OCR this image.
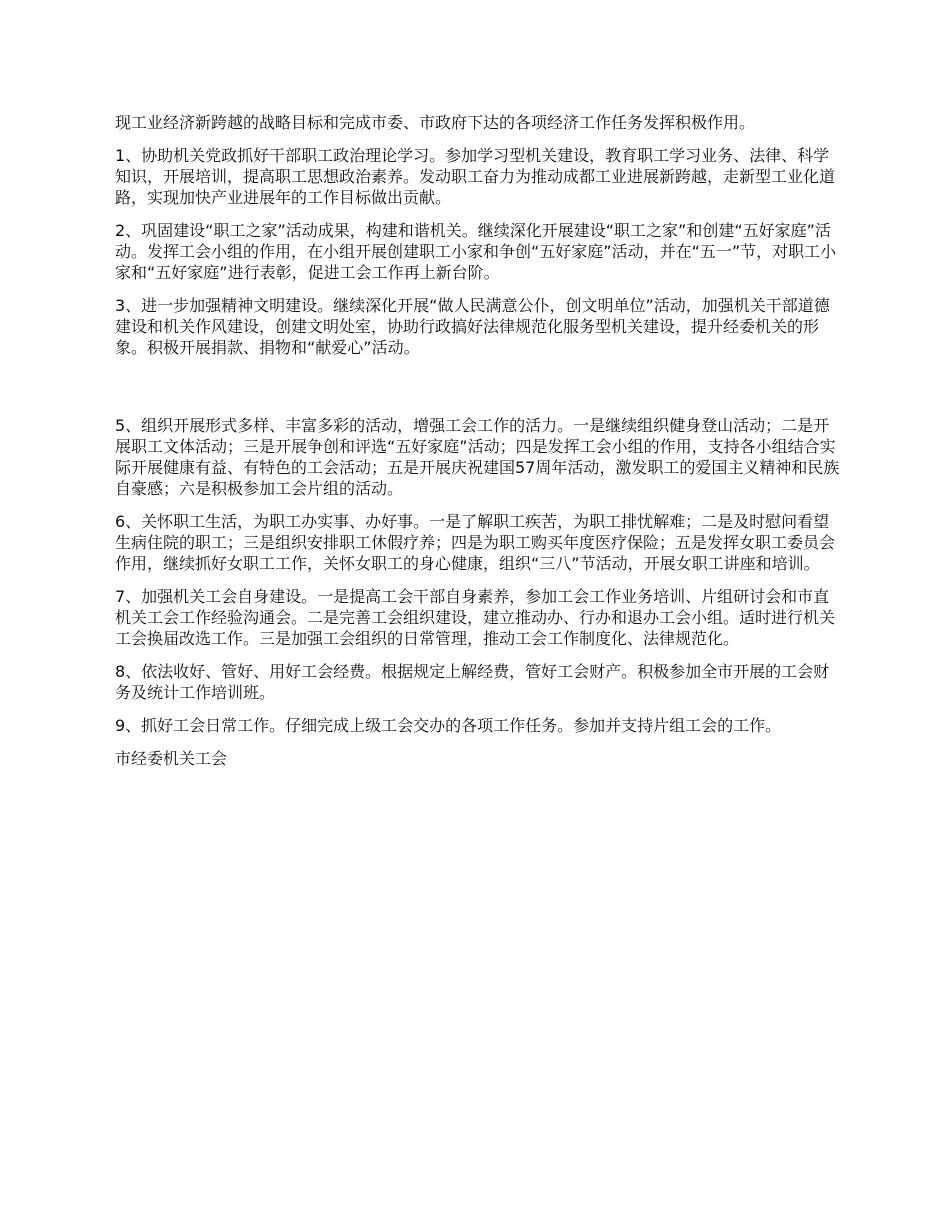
现工业经济新跨越的战略目标和完成市委、市政府下达的各项经济工作任务发挥积极作用。

1、协助机关党政抓好干部职工政治理论学习。参加学习型机关建设，教育职工学习业务、法律、科学知识，开展培训，提高职工思想政治素养。发动职工奋力为推动成都工业进展新跨越，走新型工业化道路，实现加快产业进展年的工作目标做出贡献。

2、巩固建设“职工之家”活动成果，构建和谐机关。继续深化开展建设“职工之家”和创建“五好家庭”活动。发挥工会小组的作用，在小组开展创建职工小家和争创“五好家庭”活动，并在“五一”节，对职工小家和“五好家庭”进行表彰，促进工会工作再上新台阶。

3、进一步加强精神文明建设。继续深化开展“做人民满意公仆，创文明单位”活动，加强机关干部道德建设和机关作风建设，创建文明处室，协助行政搞好法律规范化服务型机关建设，提升经委机关的形象。积极开展捐款、捐物和“献爱心”活动。

5、组织开展形式多样、丰富多彩的活动，增强工会工作的活力。一是继续组织健身登山活动；二是开展职工文体活动；三是开展争创和评选“五好家庭”活动；四是发挥工会小组的作用，支持各小组结合实际开展健康有益、有特色的工会活动；五是开展庆祝建国57周年活动，激发职工的爱国主义精神和民族自豪感；六是积极参加工会片组的活动。

6、关怀职工生活，为职工办实事、办好事。一是了解职工疾苦，为职工排忧解难；二是及时慰问看望生病住院的职工；三是组织安排职工休假疗养；四是为职工购买年度医疗保险；五是发挥女职工委员会作用，继续抓好女职工工作，关怀女职工的身心健康，组织“三八”节活动，开展女职工讲座和培训。

7、加强机关工会自身建设。一是提高工会干部自身素养，参加工会工作业务培训、片组研讨会和市直机关工会工作经验沟通会。二是完善工会组织建设，建立推动办、行办和退办工会小组。适时进行机关工会换届改选工作。三是加强工会组织的日常管理，推动工会工作制度化、法律规范化。

8、依法收好、管好、用好工会经费。根据规定上解经费，管好工会财产。积极参加全市开展的工会财务及统计工作培训班。

9、抓好工会日常工作。仔细完成上级工会交办的各项工作任务。参加并支持片组工会的工作。

市经委机关工会
